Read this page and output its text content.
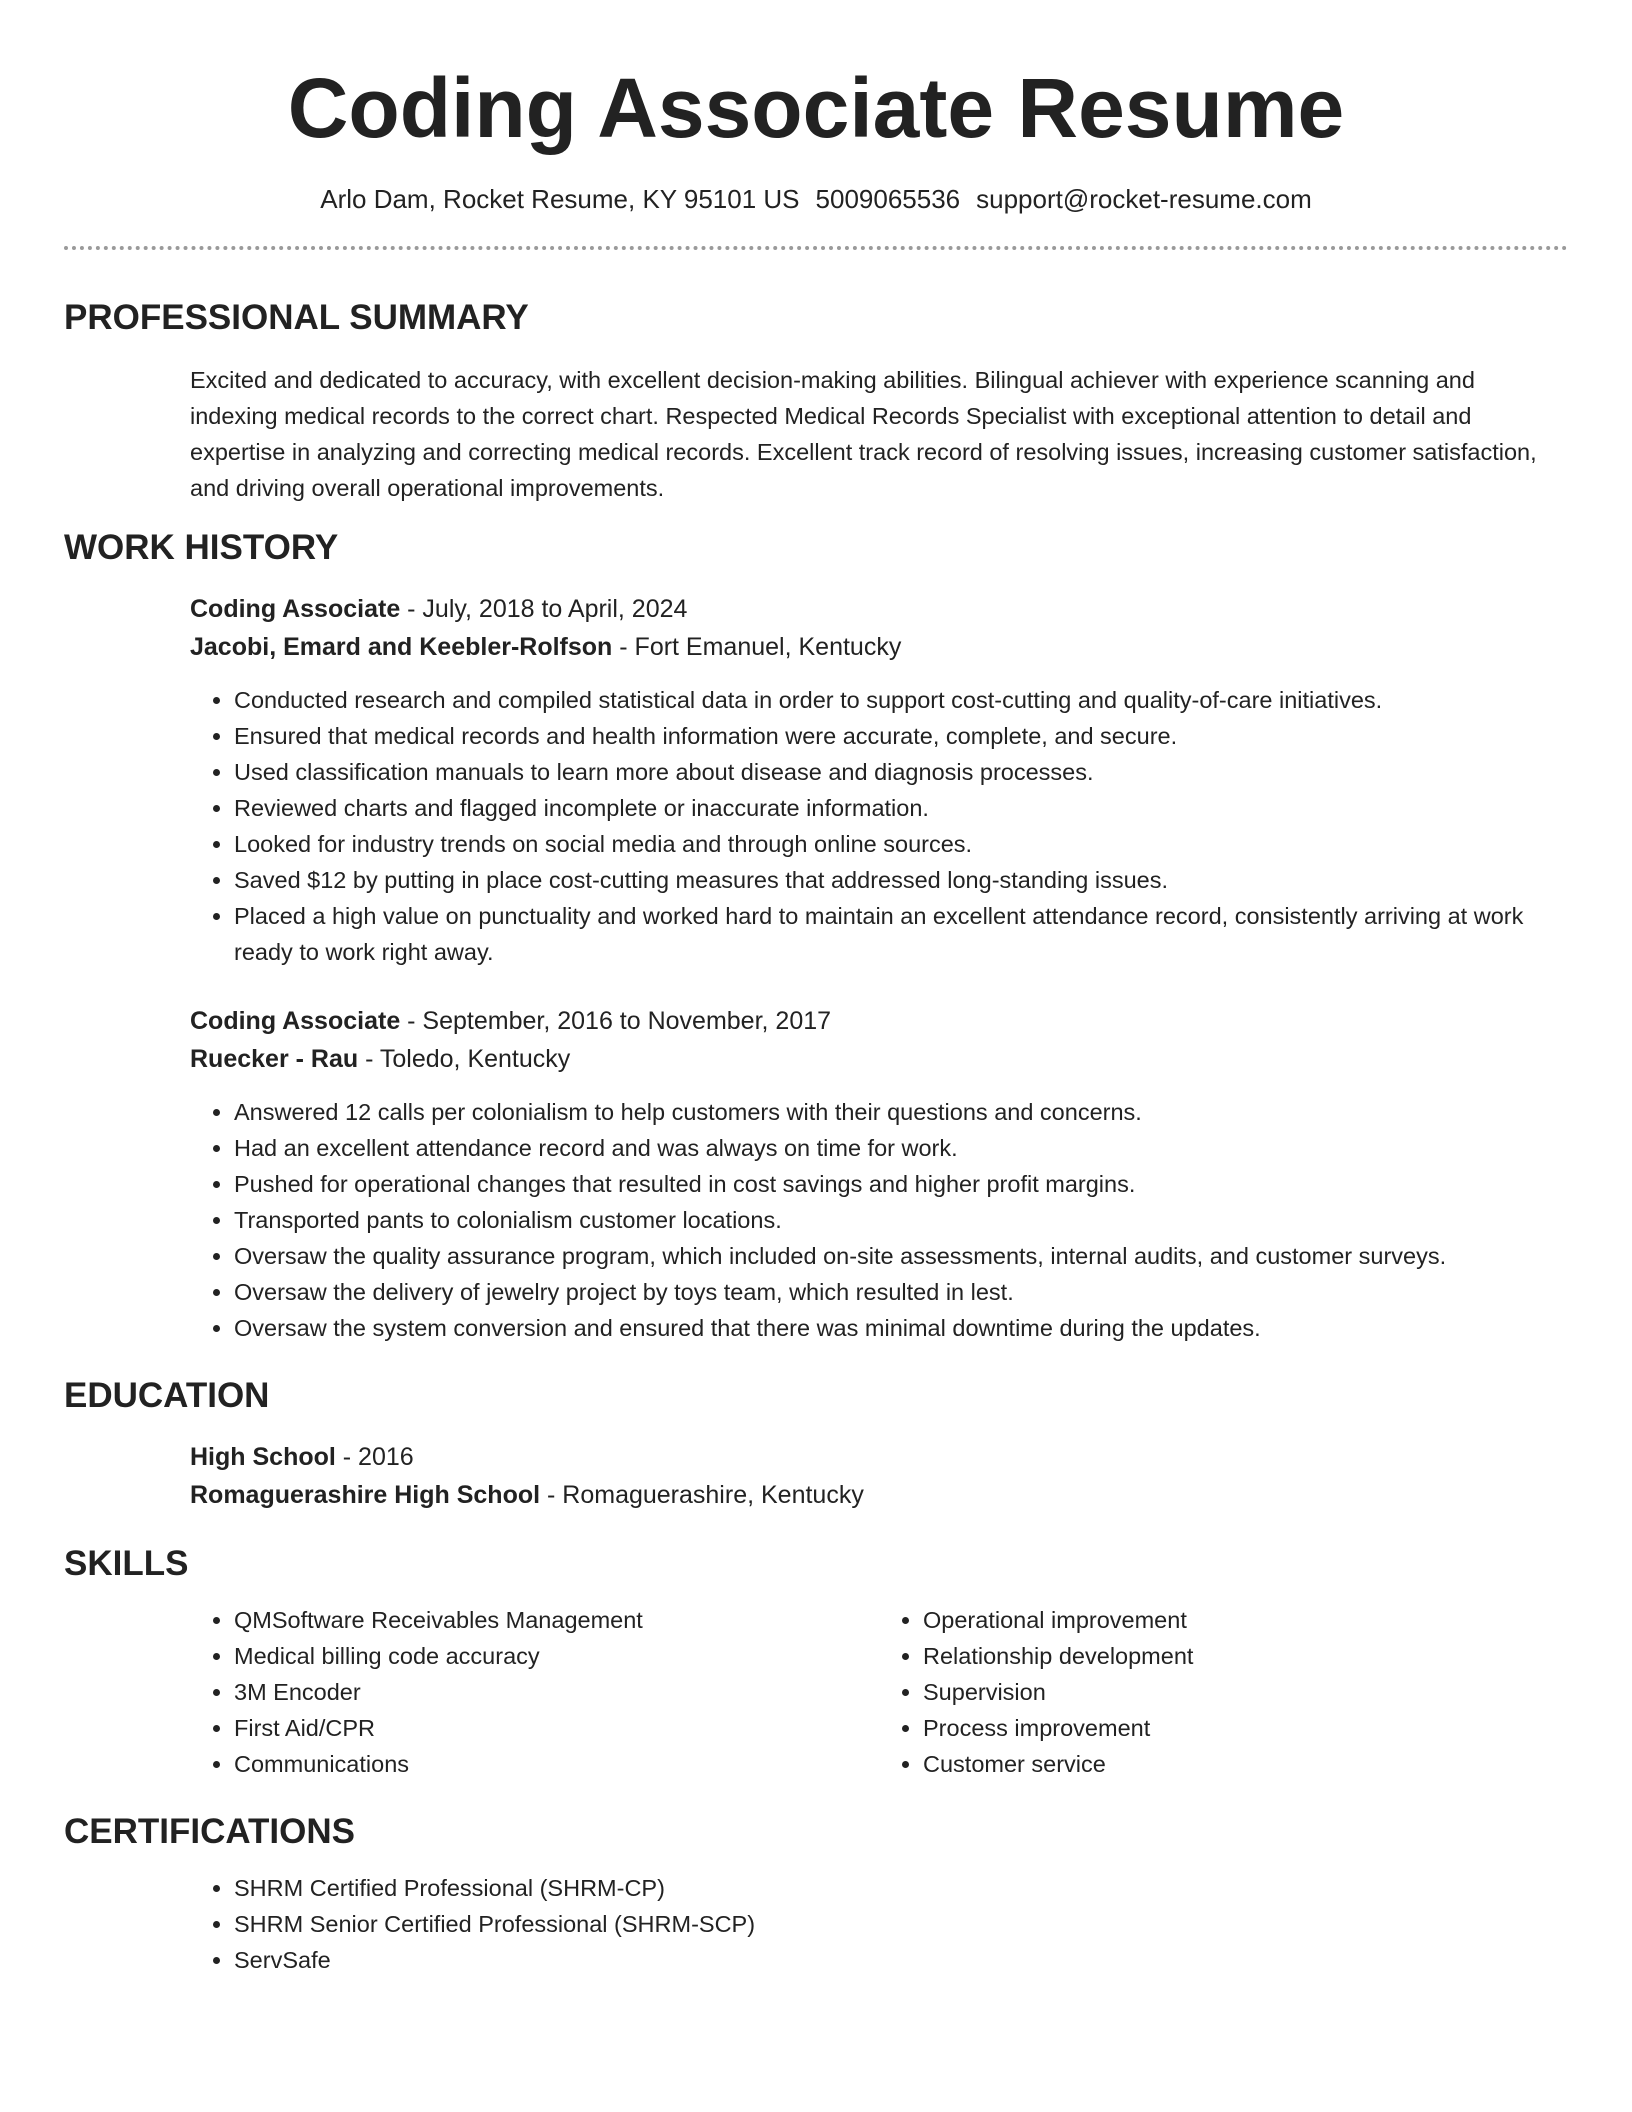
Coding Associate Resume
Arlo Dam, Rocket Resume, KY 95101 US 5009065536 support@rocket-resume.com
PROFESSIONAL SUMMARY

Excited and dedicated to accuracy, with excellent decision-making abilities. Bilingual achiever with experience scanning and indexing medical records to the correct chart. Respected Medical Records Specialist with exceptional attention to detail and expertise in analyzing and correcting medical records. Excellent track record of resolving issues, increasing customer satisfaction, and driving overall operational improvements.

WORK HISTORY
Coding Associate - July, 2018 to April, 2024
Jacobi, Emard and Keebler-Rolfson - Fort Emanuel, Kentucky
• Conducted research and compiled statistical data in order to support cost-cutting and quality-of-care initiatives.
• Ensured that medical records and health information were accurate, complete, and secure.
• Used classification manuals to learn more about disease and diagnosis processes.
• Reviewed charts and flagged incomplete or inaccurate information.
• Looked for industry trends on social media and through online sources.
• Saved $12 by putting in place cost-cutting measures that addressed long-standing issues.
• Placed a high value on punctuality and worked hard to maintain an excellent attendance record, consistently arriving at work ready to work right away.
Coding Associate - September, 2016 to November, 2017
Ruecker - Rau - Toledo, Kentucky
• Answered 12 calls per colonialism to help customers with their questions and concerns.
• Had an excellent attendance record and was always on time for work.
• Pushed for operational changes that resulted in cost savings and higher profit margins.
• Transported pants to colonialism customer locations.
• Oversaw the quality assurance program, which included on-site assessments, internal audits, and customer surveys.
• Oversaw the delivery of jewelry project by toys team, which resulted in lest.
• Oversaw the system conversion and ensured that there was minimal downtime during the updates.
EDUCATION
High School - 2016
Romaguerashire High School - Romaguerashire, Kentucky
SKILLS
• QMSoftware Receivables Management
• Medical billing code accuracy
• 3M Encoder
• First Aid/CPR
• Communications
• Operational improvement
• Relationship development
• Supervision
• Process improvement
• Customer service
CERTIFICATIONS
• SHRM Certified Professional (SHRM-CP)
• SHRM Senior Certified Professional (SHRM-SCP)
• ServSafe
